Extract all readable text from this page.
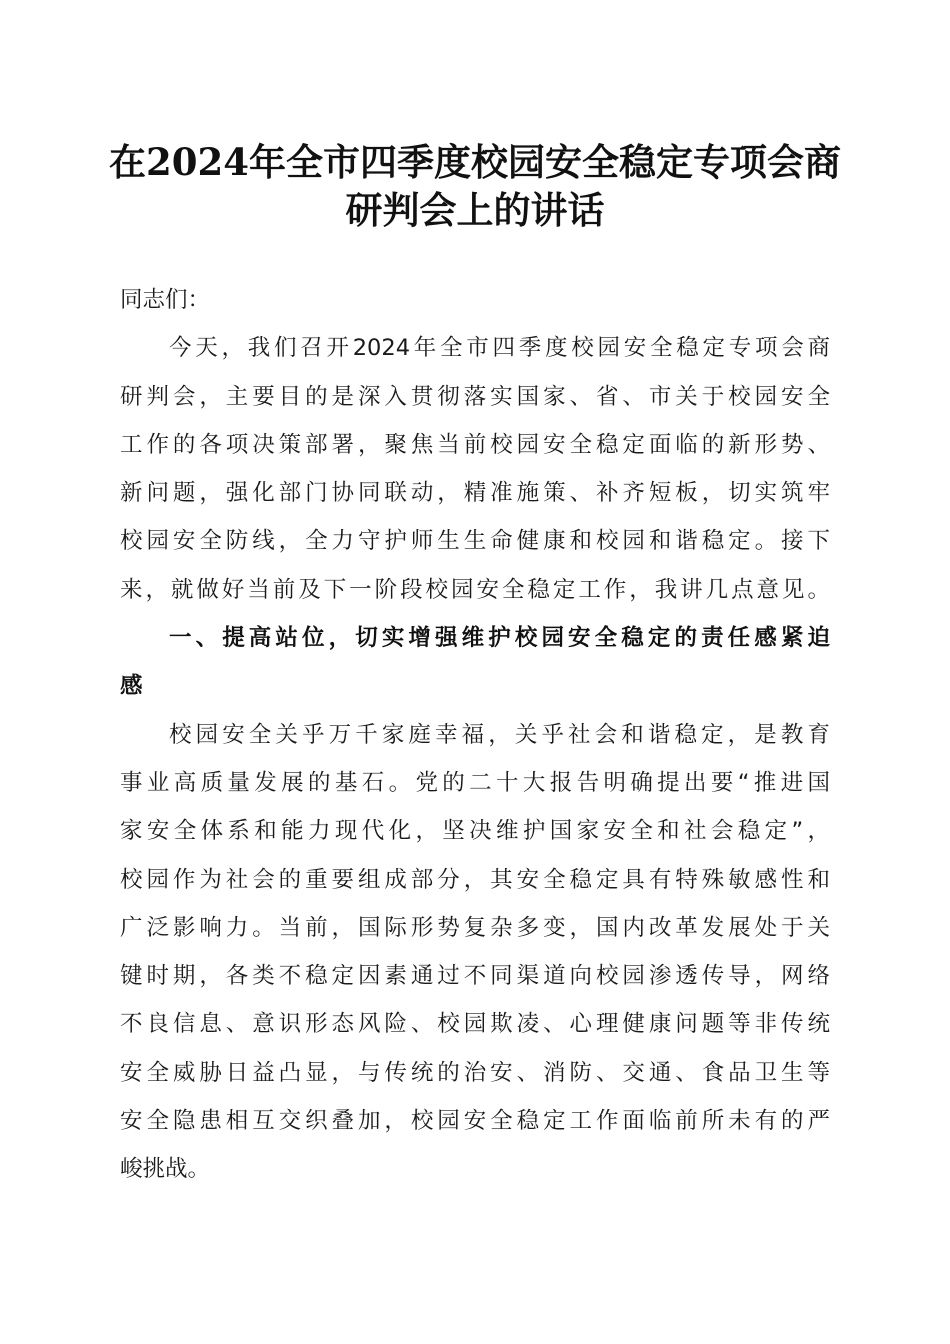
在2024年全市四季度校园安全稳定专项会商
研判会上的讲话
同志们：
今天，我们召开2024年全市四季度校园安全稳定专项会商
研判会，主要目的是深入贯彻落实国家、省、市关于校园安全
工作的各项决策部署，聚焦当前校园安全稳定面临的新形势、
新问题，强化部门协同联动，精准施策、补齐短板，切实筑牢
校园安全防线，全力守护师生生命健康和校园和谐稳定。接下
来，就做好当前及下一阶段校园安全稳定工作，我讲几点意见。
一、提高站位，切实增强维护校园安全稳定的责任感紧迫
感
校园安全关乎万千家庭幸福，关乎社会和谐稳定，是教育
事业高质量发展的基石。党的二十大报告明确提出要“推进国
家安全体系和能力现代化，坚决维护国家安全和社会稳定”，
校园作为社会的重要组成部分，其安全稳定具有特殊敏感性和
广泛影响力。当前，国际形势复杂多变，国内改革发展处于关
键时期，各类不稳定因素通过不同渠道向校园渗透传导，网络
不良信息、意识形态风险、校园欺凌、心理健康问题等非传统
安全威胁日益凸显，与传统的治安、消防、交通、食品卫生等
安全隐患相互交织叠加，校园安全稳定工作面临前所未有的严
峻挑战。
